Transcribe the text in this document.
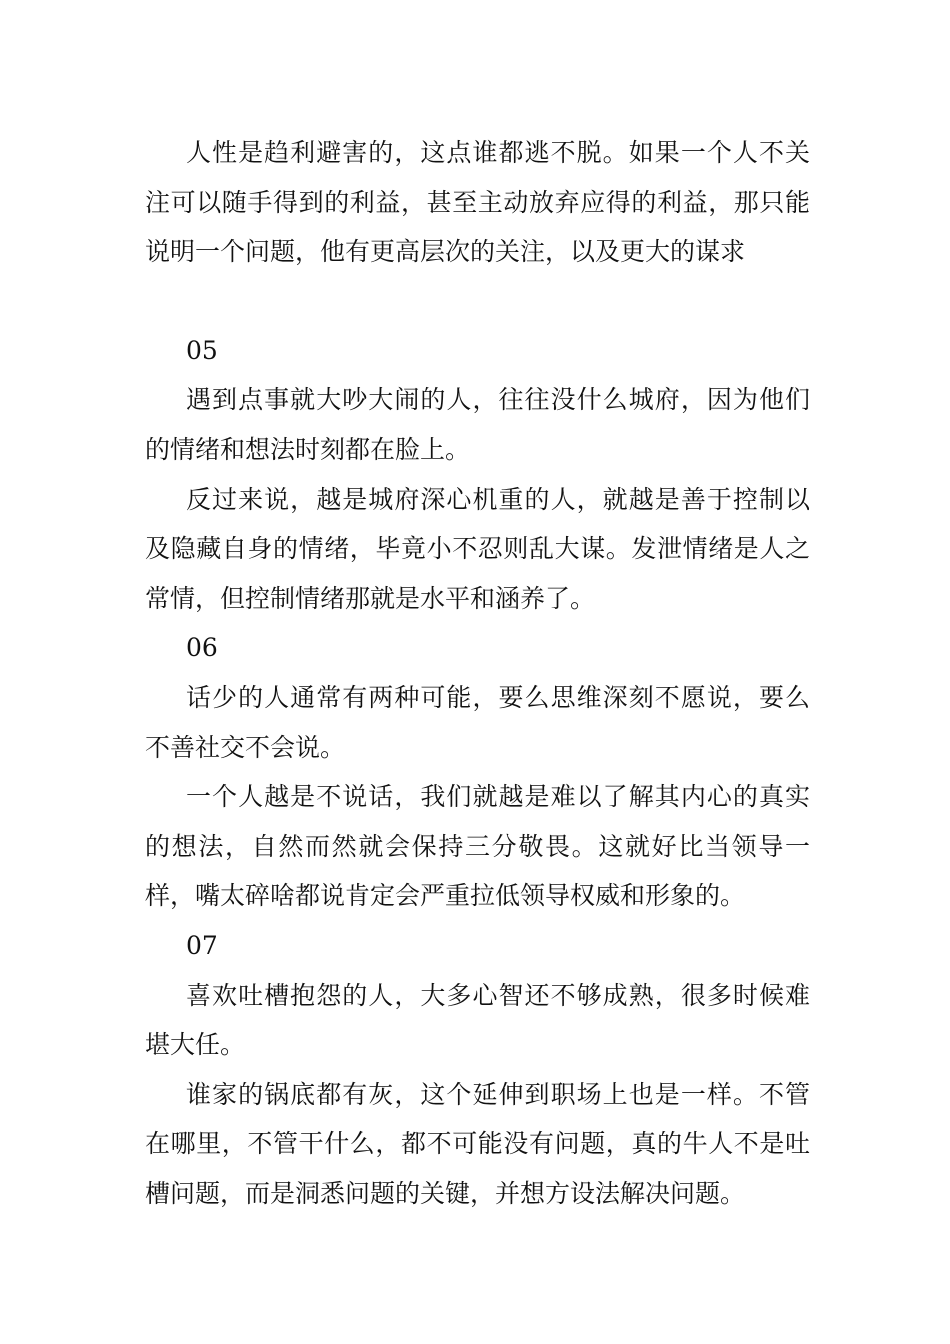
人性是趋利避害的，这点谁都逃不脱。如果一个人不关注可以随手得到的利益，甚至主动放弃应得的利益，那只能说明一个问题，他有更高层次的关注，以及更大的谋求

05

遇到点事就大吵大闹的人，往往没什么城府，因为他们的情绪和想法时刻都在脸上。

反过来说，越是城府深心机重的人，就越是善于控制以及隐藏自身的情绪，毕竟小不忍则乱大谋。发泄情绪是人之常情，但控制情绪那就是水平和涵养了。

06

话少的人通常有两种可能，要么思维深刻不愿说，要么不善社交不会说。

一个人越是不说话，我们就越是难以了解其内心的真实的想法，自然而然就会保持三分敬畏。这就好比当领导一样，嘴太碎啥都说肯定会严重拉低领导权威和形象的。

07

喜欢吐槽抱怨的人，大多心智还不够成熟，很多时候难堪大任。

谁家的锅底都有灰，这个延伸到职场上也是一样。不管在哪里，不管干什么，都不可能没有问题，真的牛人不是吐槽问题，而是洞悉问题的关键，并想方设法解决问题。
